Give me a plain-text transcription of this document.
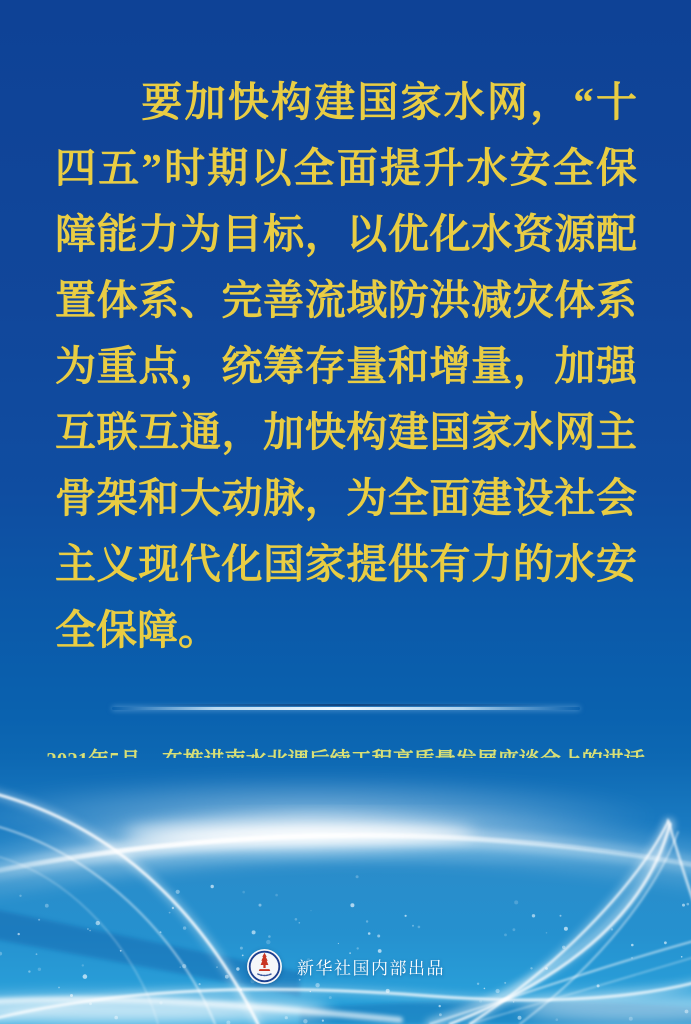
　　要加快构建国家水网，“十
四五”时期以全面提升水安全保
障能力为目标，以优化水资源配
置体系、完善流域防洪减灾体系
为重点，统筹存量和增量，加强
互联互通，加快构建国家水网主
骨架和大动脉，为全面建设社会
主义现代化国家提供有力的水安
全保障。
新华社国内部出品
